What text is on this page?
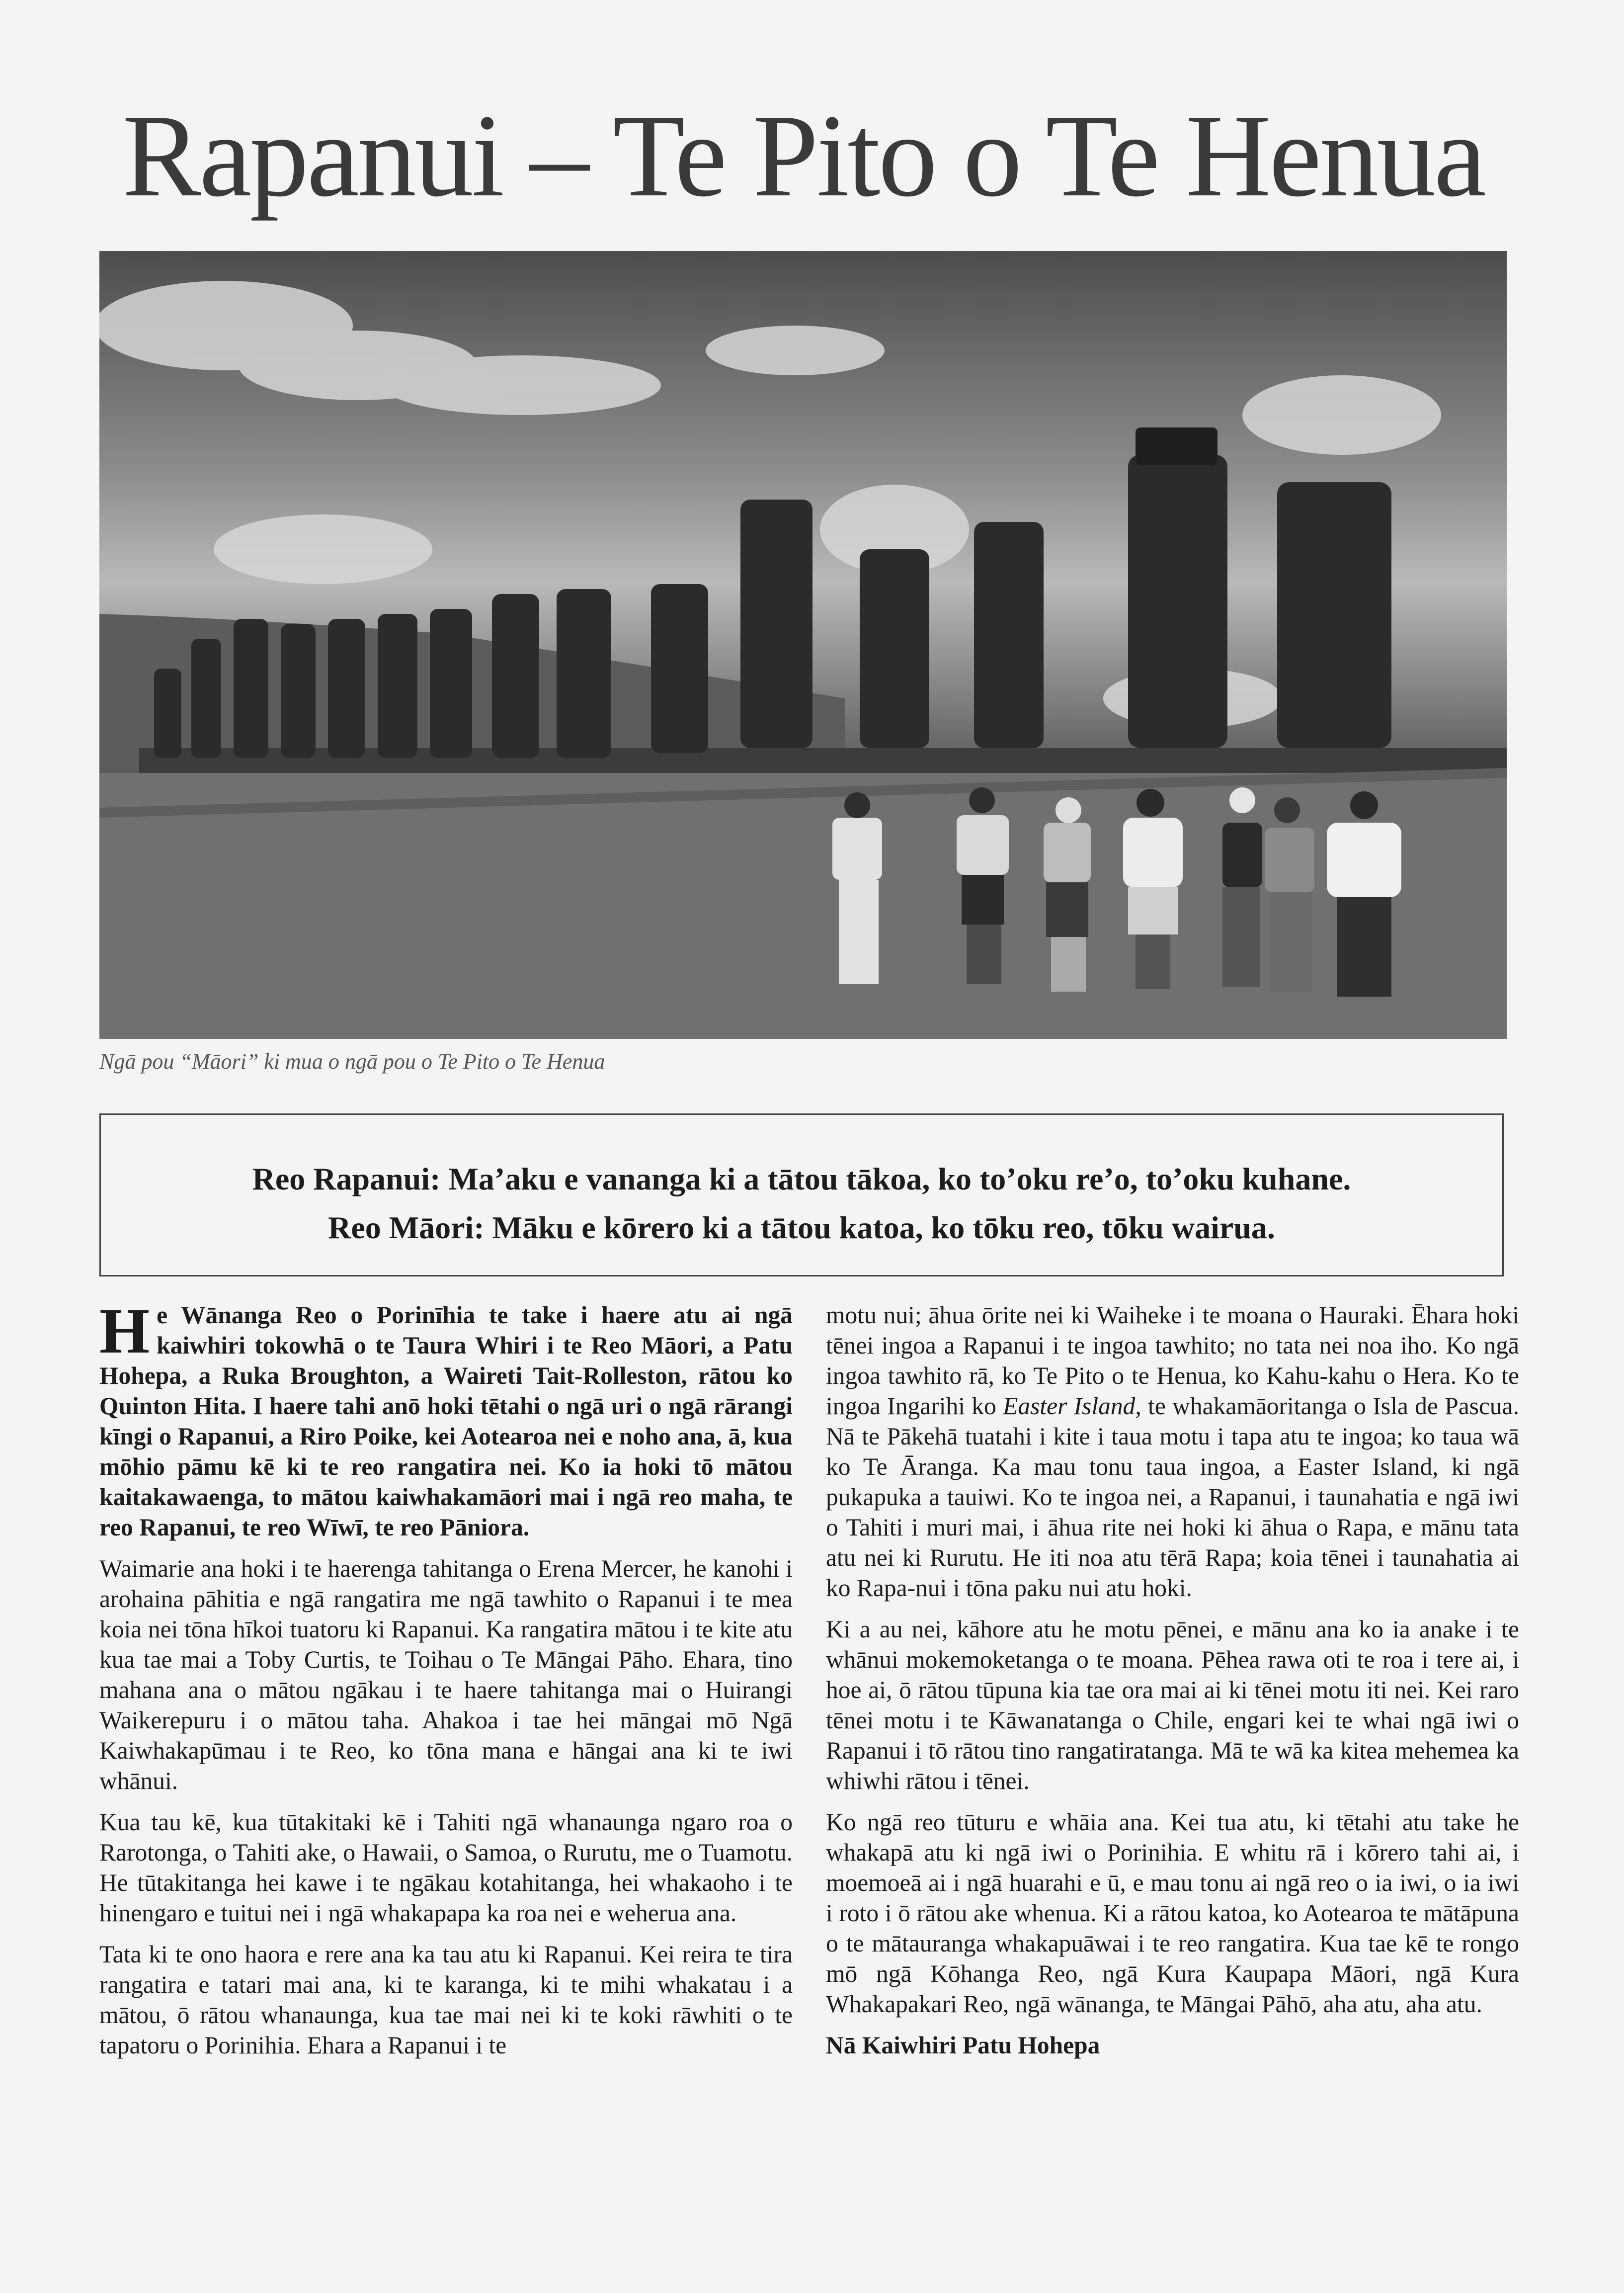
Rapanui – Te Pito o Te Henua
Ngā pou “Māori” ki mua o ngā pou o Te Pito o Te Henua
Reo Rapanui: Ma’aku e vananga ki a tātou tākoa, ko to’oku re’o, to’oku kuhane.
Reo Māori: Māku e kōrero ki a tātou katoa, ko tōku reo, tōku wairua.

He Wānanga Reo o Porinīhia te take i haere atu ai ngā kaiwhiri tokowhā o te Taura Whiri i te Reo Māori, a Patu Hohepa, a Ruka Broughton, a Waireti Tait-Rolleston, rātou ko Quinton Hita. I haere tahi anō hoki tētahi o ngā uri o ngā rārangi kīngi o Rapanui, a Riro Poike, kei Aotearoa nei e noho ana, ā, kua mōhio pāmu kē ki te reo rangatira nei. Ko ia hoki tō mātou kaitakawaenga, to mātou kaiwhakamāori mai i ngā reo maha, te reo Rapanui, te reo Wīwī, te reo Pāniora.

Waimarie ana hoki i te haerenga tahitanga o Erena Mercer, he kanohi i arohaina pāhitia e ngā rangatira me ngā tawhito o Rapanui i te mea koia nei tōna hīkoi tuatoru ki Rapanui. Ka rangatira mātou i te kite atu kua tae mai a Toby Curtis, te Toihau o Te Māngai Pāho. Ehara, tino mahana ana o mātou ngākau i te haere tahitanga mai o Huirangi Waikerepuru i o mātou taha. Ahakoa i tae hei māngai mō Ngā Kaiwhakapūmau i te Reo, ko tōna mana e hāngai ana ki te iwi whānui.

Kua tau kē, kua tūtakitaki kē i Tahiti ngā whanaunga ngaro roa o Rarotonga, o Tahiti ake, o Hawaii, o Samoa, o Rurutu, me o Tuamotu. He tūtakitanga hei kawe i te ngākau kotahitanga, hei whakaoho i te hinengaro e tuitui nei i ngā whakapapa ka roa nei e weherua ana.

Tata ki te ono haora e rere ana ka tau atu ki Rapanui. Kei reira te tira rangatira e tatari mai ana, ki te karanga, ki te mihi whakatau i a mātou, ō rātou whanaunga, kua tae mai nei ki te koki rāwhiti o te tapatoru o Porinihia. Ehara a Rapanui i te

motu nui; āhua ōrite nei ki Waiheke i te moana o Hauraki. Ēhara hoki tēnei ingoa a Rapanui i te ingoa tawhito; no tata nei noa iho. Ko ngā ingoa tawhito rā, ko Te Pito o te Henua, ko Kahu-kahu o Hera. Ko te ingoa Ingarihi ko Easter Island, te whakamāoritanga o Isla de Pascua. Nā te Pākehā tuatahi i kite i taua motu i tapa atu te ingoa; ko taua wā ko Te Āranga. Ka mau tonu taua ingoa, a Easter Island, ki ngā pukapuka a tauiwi. Ko te ingoa nei, a Rapanui, i taunahatia e ngā iwi o Tahiti i muri mai, i āhua rite nei hoki ki āhua o Rapa, e mānu tata atu nei ki Rurutu. He iti noa atu tērā Rapa; koia tēnei i taunahatia ai ko Rapa-nui i tōna paku nui atu hoki.

Ki a au nei, kāhore atu he motu pēnei, e mānu ana ko ia anake i te whānui mokemoketanga o te moana. Pēhea rawa oti te roa i tere ai, i hoe ai, ō rātou tūpuna kia tae ora mai ai ki tēnei motu iti nei. Kei raro tēnei motu i te Kāwanatanga o Chile, engari kei te whai ngā iwi o Rapanui i tō rātou tino rangatiratanga. Mā te wā ka kitea mehemea ka whiwhi rātou i tēnei.

Ko ngā reo tūturu e whāia ana. Kei tua atu, ki tētahi atu take he whakapā atu ki ngā iwi o Porinihia. E whitu rā i kōrero tahi ai, i moemoeā ai i ngā huarahi e ū, e mau tonu ai ngā reo o ia iwi, o ia iwi i roto i ō rātou ake whenua. Ki a rātou katoa, ko Aotearoa te mātāpuna o te mātauranga whakapuāwai i te reo rangatira. Kua tae kē te rongo mō ngā Kōhanga Reo, ngā Kura Kaupapa Māori, ngā Kura Whakapakari Reo, ngā wānanga, te Māngai Pāhō, aha atu, aha atu.

Nā Kaiwhiri Patu Hohepa
